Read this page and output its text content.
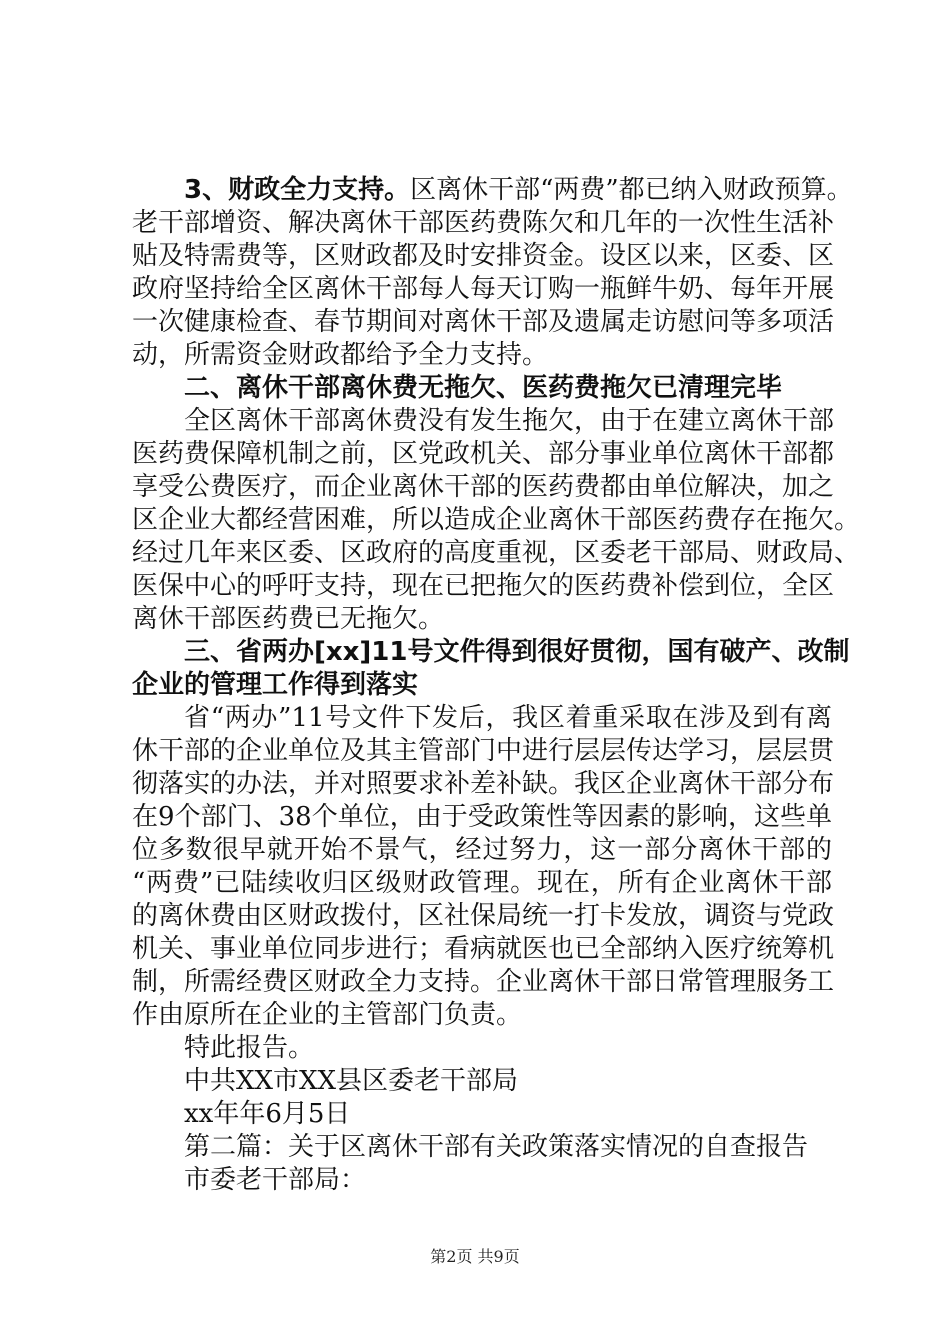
3、财政全力支持。区离休干部“两费”都已纳入财政预算。
老干部增资、解决离休干部医药费陈欠和几年的一次性生活补
贴及特需费等，区财政都及时安排资金。设区以来，区委、区
政府坚持给全区离休干部每人每天订购一瓶鲜牛奶、每年开展
一次健康检查、春节期间对离休干部及遗属走访慰问等多项活
动，所需资金财政都给予全力支持。
二、离休干部离休费无拖欠、医药费拖欠已清理完毕
全区离休干部离休费没有发生拖欠，由于在建立离休干部
医药费保障机制之前，区党政机关、部分事业单位离休干部都
享受公费医疗，而企业离休干部的医药费都由单位解决，加之
区企业大都经营困难，所以造成企业离休干部医药费存在拖欠。
经过几年来区委、区政府的高度重视，区委老干部局、财政局、
医保中心的呼吁支持，现在已把拖欠的医药费补偿到位，全区
离休干部医药费已无拖欠。
三、省两办[xx]11号文件得到很好贯彻，国有破产、改制
企业的管理工作得到落实
省“两办”11号文件下发后，我区着重采取在涉及到有离
休干部的企业单位及其主管部门中进行层层传达学习，层层贯
彻落实的办法，并对照要求补差补缺。我区企业离休干部分布
在9个部门、38个单位，由于受政策性等因素的影响，这些单
位多数很早就开始不景气，经过努力，这一部分离休干部的
“两费”已陆续收归区级财政管理。现在，所有企业离休干部
的离休费由区财政拨付，区社保局统一打卡发放，调资与党政
机关、事业单位同步进行；看病就医也已全部纳入医疗统筹机
制，所需经费区财政全力支持。企业离休干部日常管理服务工
作由原所在企业的主管部门负责。
特此报告。
中共XX市XX县区委老干部局
xx年年6月5日
第二篇：关于区离休干部有关政策落实情况的自查报告
市委老干部局：
第2页 共9页
